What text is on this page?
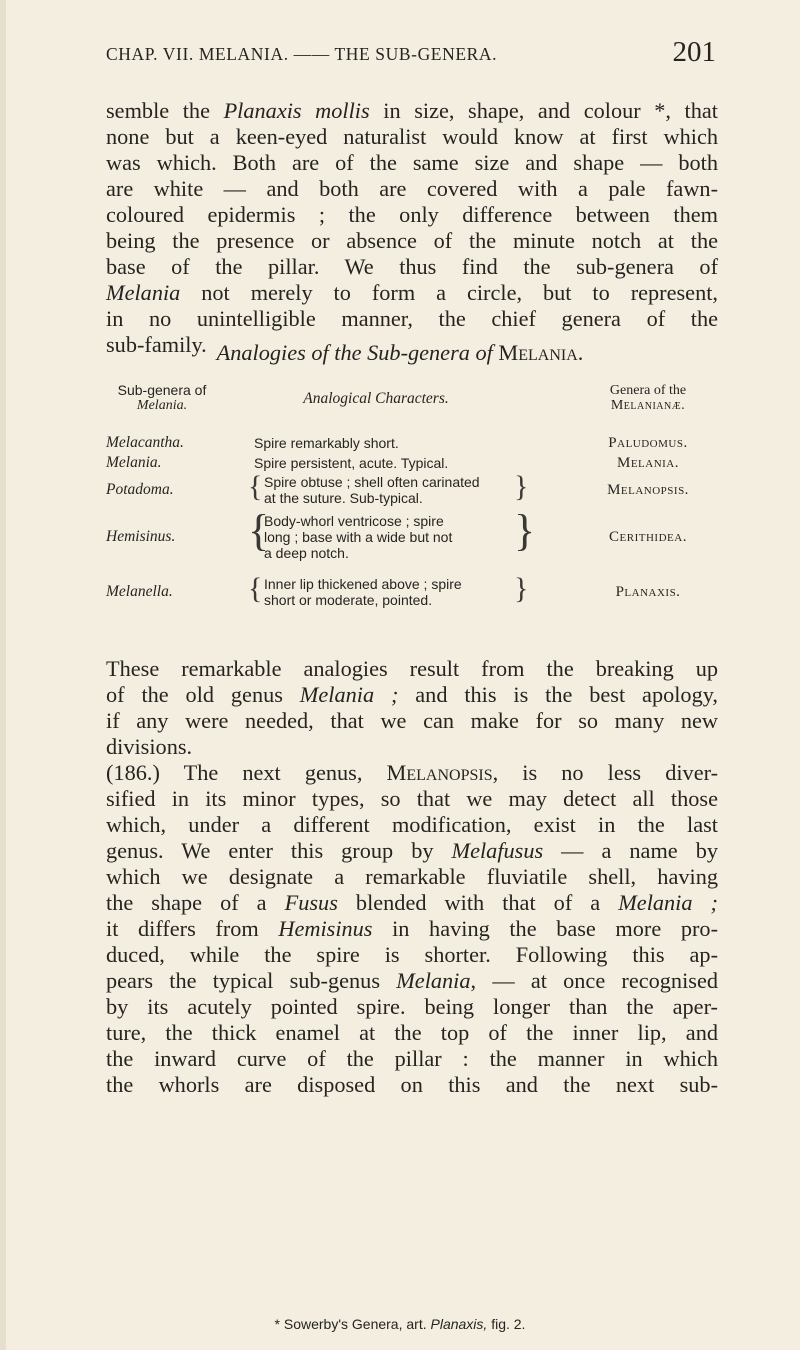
CHAP. VII. MELANIA. —— THE SUB-GENERA.	201
semble the Planaxis mollis in size, shape, and colour *, that
none but a keen-eyed naturalist would know at first which
was which. Both are of the same size and shape — both
are white — and both are covered with a pale fawn-
coloured epidermis ; the only difference between them
being the presence or absence of the minute notch at the
base of the pillar. We thus find the sub-genera of
Melania not merely to form a circle, but to represent,
in no unintelligible manner, the chief genera of the
sub-family. Analogies of the Sub-genera of Melania.
Sub-genera of
Melania.	Analogical Characters.	Genera of the
Melanianæ.
Melacantha.	Spire remarkably short.	Paludomus.
Melania.	Spire persistent, acute. Typical.	Melania.
Potadoma. { Spire obtuse ; shell often carinated
at the suture. Sub-typical.	}	Melanopsis.
Hemisinus. {
Body-whorl ventricose ; spire
long ; base with a wide but not
a deep notch.	}	Cerithidea.
Melanella.	{ Inner lip thickened above ; spire
short or moderate, pointed.	}	Planaxis.
These remarkable analogies result from the breaking up
of the old genus Melania ; and this is the best apology,
if any were needed, that we can make for so many new
divisions.
(186.) The next genus, Melanopsis, is no less diver-
sified in its minor types, so that we may detect all those
which, under a different modification, exist in the last
genus. We enter this group by Melafusus — a name by
which we designate a remarkable fluviatile shell, having
the shape of a Fusus blended with that of a Melania ;
it differs from Hemisinus in having the base more pro-
duced, while the spire is shorter. Following this ap-
pears the typical sub-genus Melania, — at once recognised
by its acutely pointed spire. being longer than the aper-
ture, the thick enamel at the top of the inner lip, and
the inward curve of the pillar : the manner in which
the whorls are disposed on this and the next sub-
* Sowerby's Genera, art. Planaxis, fig. 2.
